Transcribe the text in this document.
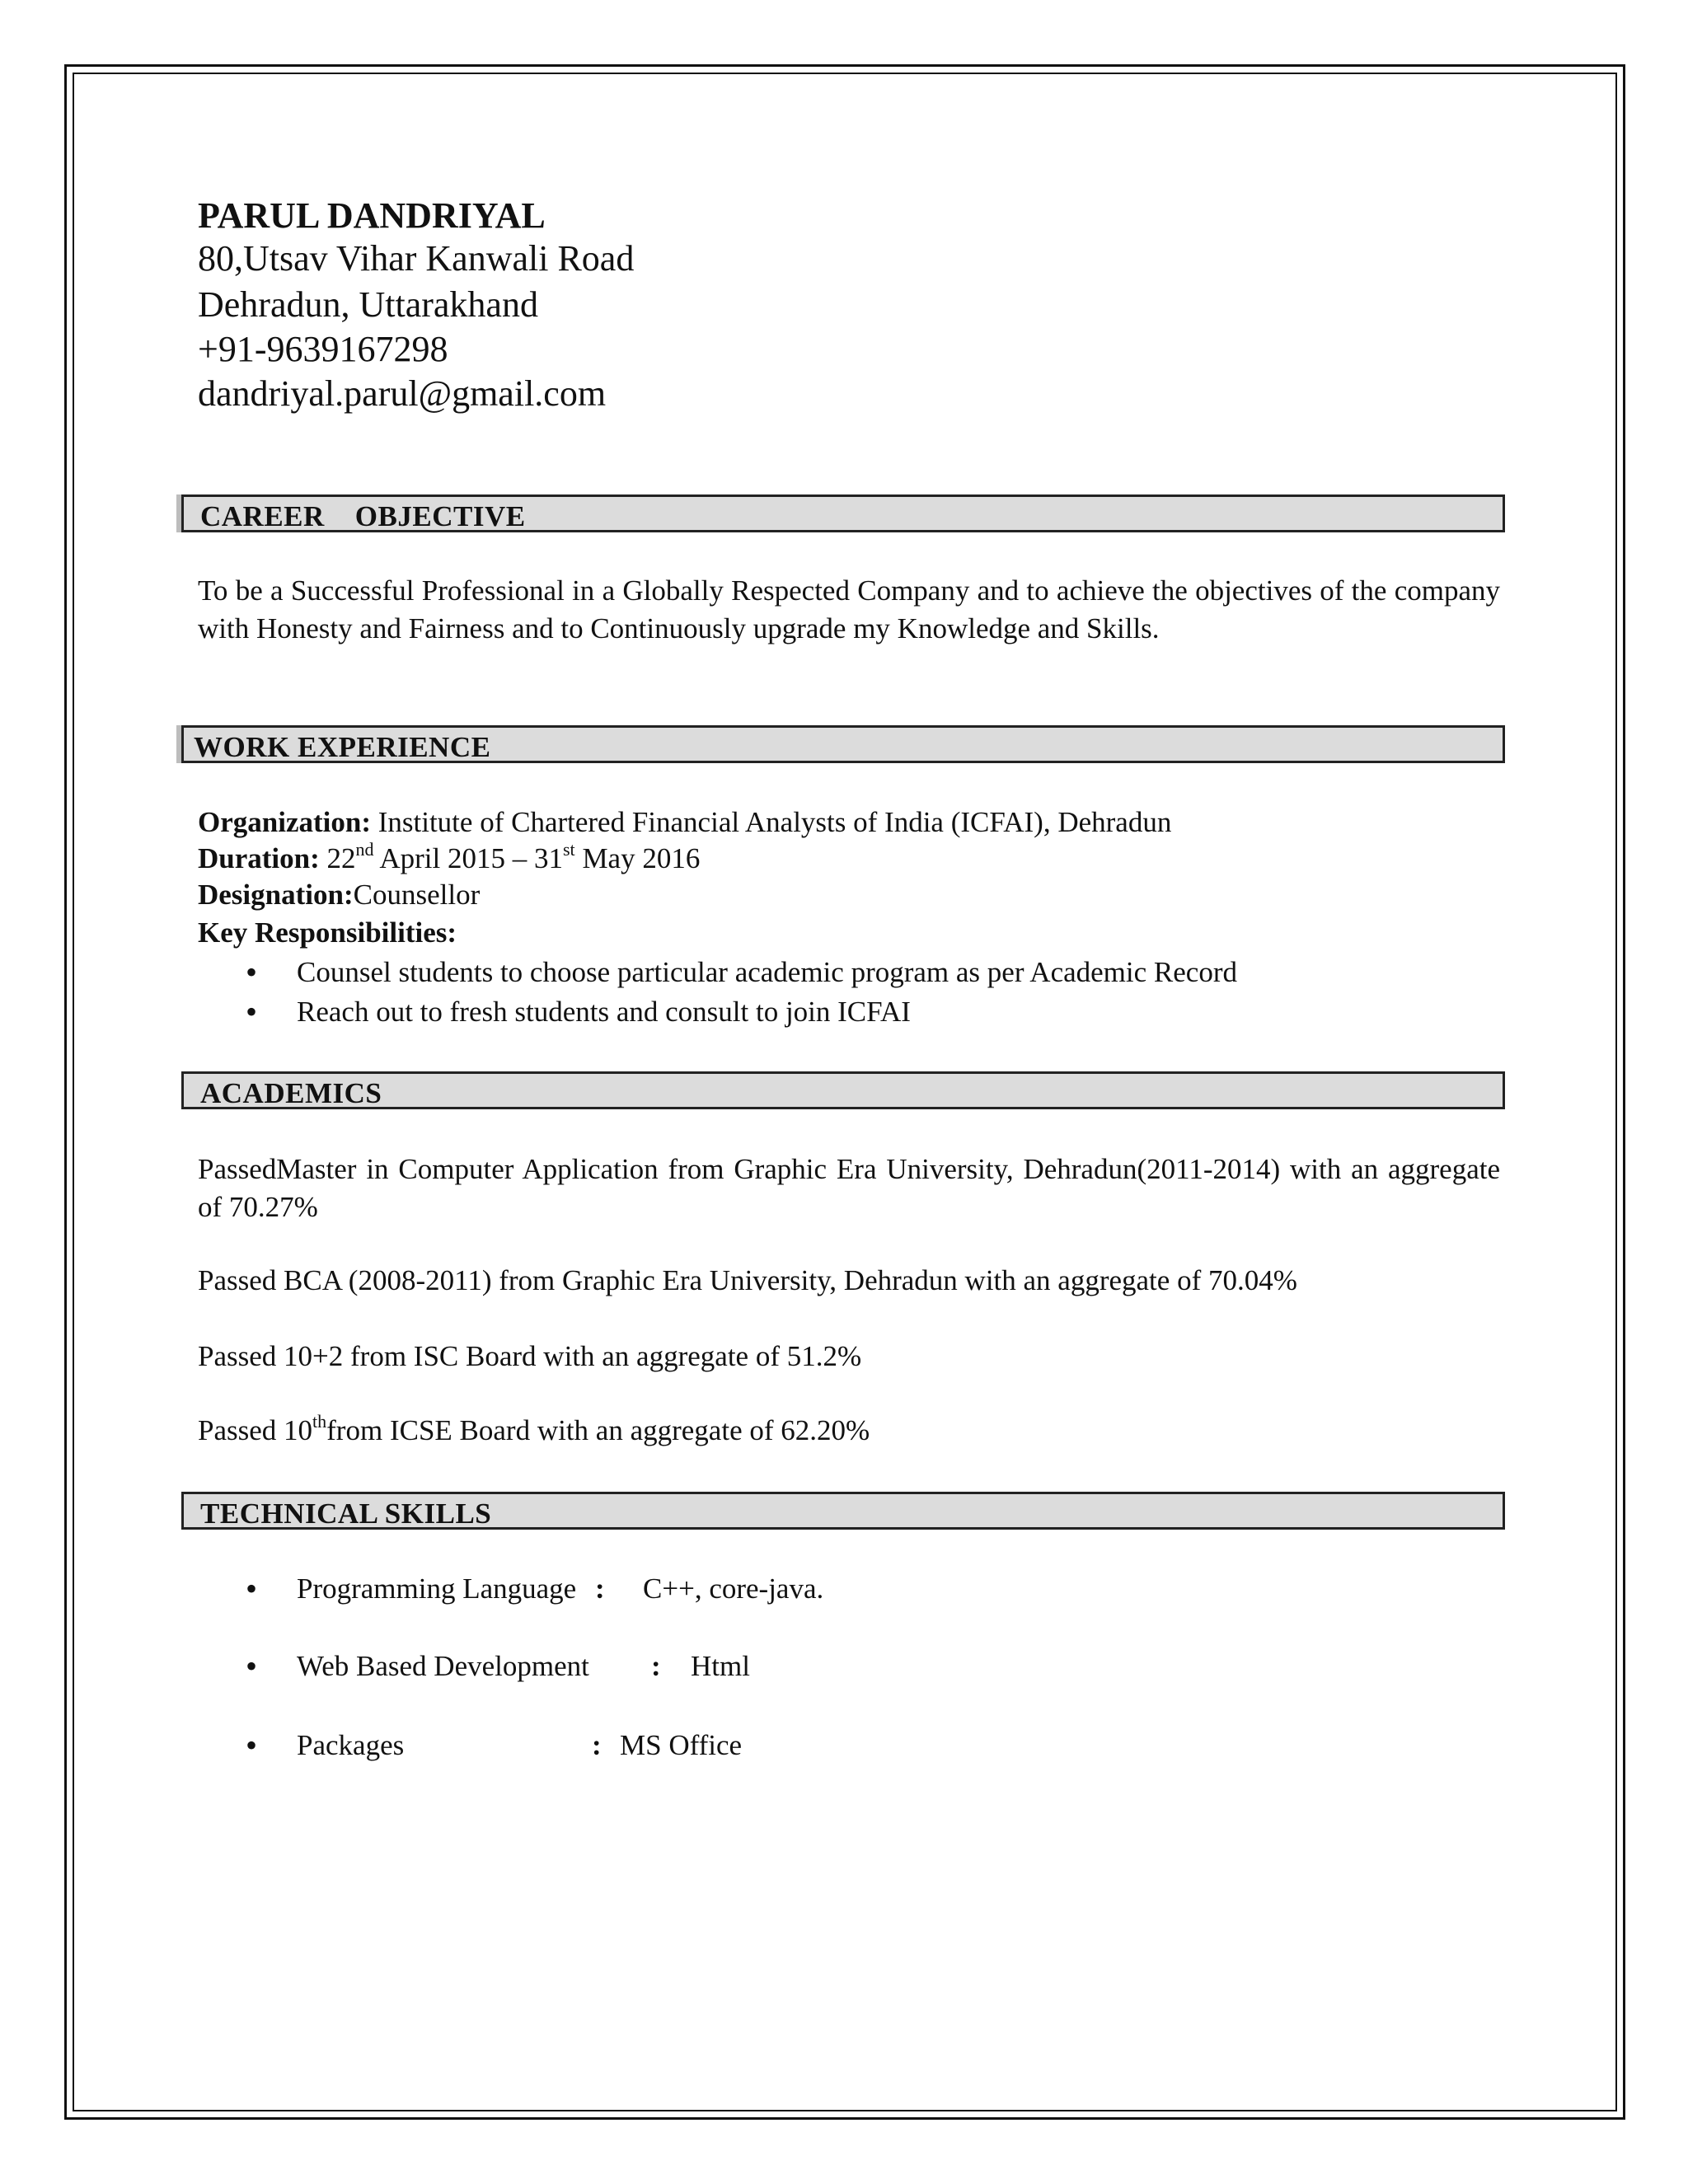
PARUL DANDRIYAL
80,Utsav Vihar Kanwali Road
Dehradun, Uttarakhand
+91-9639167298
dandriyal.parul@gmail.com
CAREER    OBJECTIVE
To be a Successful Professional in a Globally Respected Company and to achieve the objectives of the company with Honesty and Fairness and to Continuously upgrade my Knowledge and Skills.
WORK EXPERIENCE
Organization: Institute of Chartered Financial Analysts of India (ICFAI), Dehradun
Duration: 22nd April 2015 – 31st May 2016
Designation:Counsellor
Key Responsibilities:
• Counsel students to choose particular academic program as per Academic Record
• Reach out to fresh students and consult to join ICFAI
ACADEMICS
PassedMaster in Computer Application from Graphic Era University, Dehradun(2011-2014) with an aggregate of 70.27%
Passed BCA (2008-2011) from Graphic Era University, Dehradun with an aggregate of 70.04%
Passed 10+2 from ISC Board with an aggregate of 51.2%
Passed 10thfrom ICSE Board with an aggregate of 62.20%
TECHNICAL SKILLS
• Programming Language : C++, core-java.
• Web Based Development : Html
• Packages	: MS Office
